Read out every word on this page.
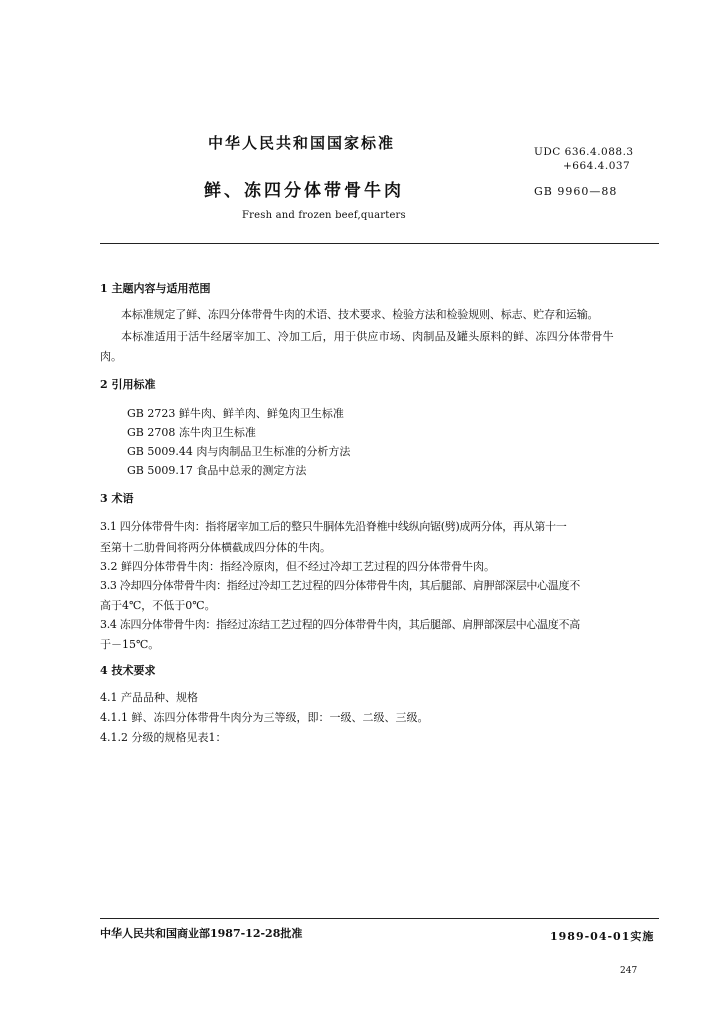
中华人民共和国国家标准
鲜、冻四分体带骨牛肉
Fresh and frozen beef,quarters
UDC 636.4.088.3
+664.4.037
GB 9960—88
1 主题内容与适用范围
本标准规定了鲜、冻四分体带骨牛肉的术语、技术要求、检验方法和检验规则、标志、贮存和运输。
本标准适用于活牛经屠宰加工、冷加工后，用于供应市场、肉制品及罐头原料的鲜、冻四分体带骨牛
肉。
2 引用标准
GB 2723 鲜牛肉、鲜羊肉、鲜兔肉卫生标准
GB 2708 冻牛肉卫生标准
GB 5009.44 肉与肉制品卫生标准的分析方法
GB 5009.17 食品中总汞的测定方法
3 术语
3.1 四分体带骨牛肉：指将屠宰加工后的整只牛胴体先沿脊椎中线纵向锯(劈)成两分体，再从第十一
至第十二肋骨间将两分体横截成四分体的牛肉。
3.2 鲜四分体带骨牛肉：指经冷原肉，但不经过冷却工艺过程的四分体带骨牛肉。
3.3 冷却四分体带骨牛肉：指经过冷却工艺过程的四分体带骨牛肉，其后腿部、肩胛部深层中心温度不
高于4℃，不低于0℃。
3.4 冻四分体带骨牛肉：指经过冻结工艺过程的四分体带骨牛肉，其后腿部、肩胛部深层中心温度不高
于－15℃。
4 技术要求
4.1 产品品种、规格
4.1.1 鲜、冻四分体带骨牛肉分为三等级，即：一级、二级、三级。
4.1.2 分级的规格见表1：
中华人民共和国商业部1987-12-28批准	1989-04-01实施
247
